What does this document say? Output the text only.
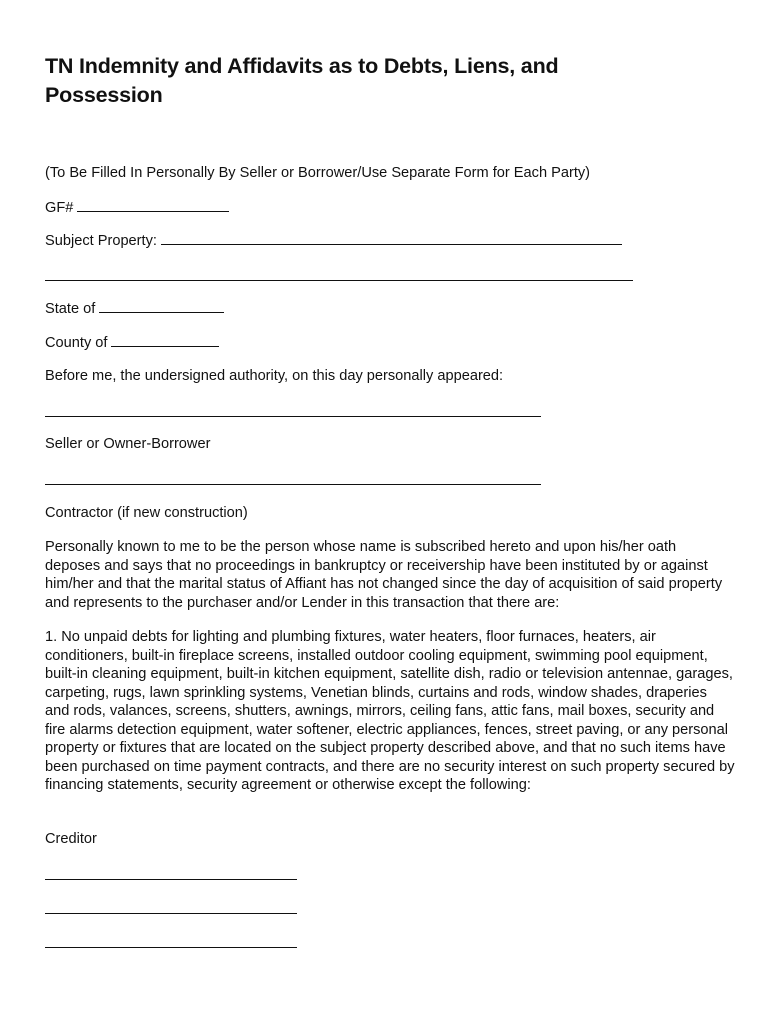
TN Indemnity and Affidavits as to Debts, Liens, and Possession
(To Be Filled In Personally By Seller or Borrower/Use Separate Form for Each Party)
GF#
Subject Property:
State of
County of
Before me, the undersigned authority, on this day personally appeared:
Seller or Owner-Borrower
Contractor (if new construction)

Personally known to me to be the person whose name is subscribed hereto and upon his/her oath deposes and says that no proceedings in bankruptcy or receivership have been instituted by or against him/her and that the marital status of Affiant has not changed since the day of acquisition of said property and represents to the purchaser and/or Lender in this transaction that there are:

1. No unpaid debts for lighting and plumbing fixtures, water heaters, floor furnaces, heaters, air conditioners, built-in fireplace screens, installed outdoor cooling equipment, swimming pool equipment, built-in cleaning equipment, built-in kitchen equipment, satellite dish, radio or television antennae, garages, carpeting, rugs, lawn sprinkling systems, Venetian blinds, curtains and rods, window shades, draperies and rods, valances, screens, shutters, awnings, mirrors, ceiling fans, attic fans, mail boxes, security and fire alarms detection equipment, water softener, electric appliances, fences, street paving, or any personal property or fixtures that are located on the subject property described above, and that no such items have been purchased on time payment contracts, and there are no security interest on such property secured by financing statements, security agreement or otherwise except the following:

Creditor
